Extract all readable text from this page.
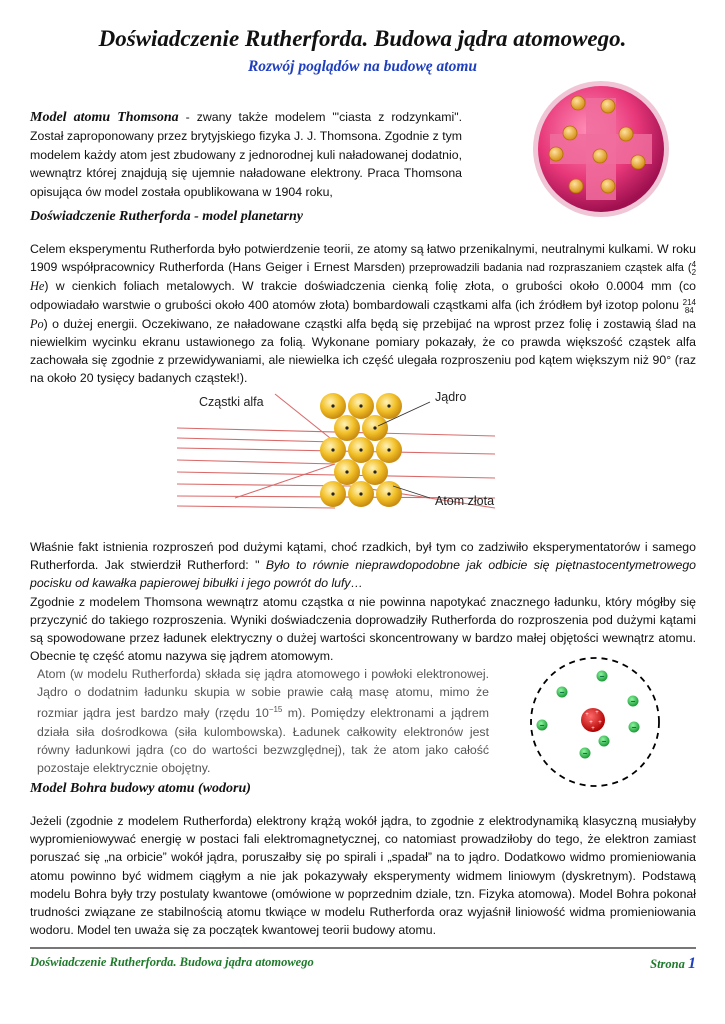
Doświadczenie Rutherforda. Budowa jądra atomowego.
Rozwój poglądów na budowę atomu

Model atomu Thomsona - zwany także modelem "'ciasta z rodzynkami". Został zaproponowany przez brytyjskiego fizyka J. J. Thomsona. Zgodnie z tym modelem każdy atom jest zbudowany z jednorodnej kuli naładowanej dodatnio, wewnątrz której znajdują się ujemnie naładowane elektrony. Praca Thomsona opisująca ów model została opublikowana w 1904 roku,

Doświadczenie Rutherforda - model planetarny

Celem eksperymentu Rutherforda było potwierdzenie teorii, ze atomy są łatwo przenikalnymi, neutralnymi kulkami. W roku 1909 współpracownicy Rutherforda (Hans Geiger i Ernest Marsden) przeprowadzili badania nad rozpraszaniem cząstek alfa ( 4
2
He) w cienkich foliach metalowych. W trakcie doświadczenia cienką folię złota, o grubości około 0.0004 mm (co odpowiadało warstwie o grubości około 400 atomów złota) bombardowali cząstkami alfa (ich źródłem był izotop polonu 214
84
Po) o dużej energii. Oczekiwano, ze naładowane cząstki alfa będą się przebijać na wprost przez folię i zostawią ślad na niewielkim wycinku ekranu ustawionego za folią. Wykonane pomiary pokazały, że co prawda większość cząstek alfa zachowała się zgodnie z przewidywaniami, ale niewielka ich część ulegała rozproszeniu pod kątem większym niż 90° (raz na około 20 tysięcy badanych cząstek!).

Cząstki alfa	Jądro
Atom złota

Właśnie fakt istnienia rozproszeń pod dużymi kątami, choć rzadkich, był tym co zadziwiło eksperymentatorów i samego Rutherforda. Jak stwierdził Rutherford: " Było to równie nieprawdopodobne jak odbicie się piętnastocentymetrowego pocisku od kawałka papierowej bibułki i jego powrót do lufy…
Zgodnie z modelem Thomsona wewnątrz atomu cząstka α nie powinna napotykać znacznego ładunku, który mógłby się przyczynić do takiego rozproszenia. Wyniki doświadczenia doprowadziły Rutherforda do rozproszenia pod dużymi kątami są spowodowane przez ładunek elektryczny o dużej wartości skoncentrowany w bardzo małej objętości wewnątrz atomu. Obecnie tę część atomu nazywa się jądrem atomowym.

Atom (w modelu Rutherforda) składa się jądra atomowego i powłoki elektronowej. Jądro o dodatnim ładunku skupia w sobie prawie całą masę atomu, mimo że rozmiar jądra jest bardzo mały (rzędu $10^{-15}$ m). Pomiędzy elektronami a jądrem działa siła dośrodkowa (siła kulombowska). Ładunek całkowity elektronów jest równy ładunkowi jądra (co do wartości bezwzględnej), tak że atom jako całość pozostaje elektrycznie obojętny.

+ +
+ +
+
−
−
−
−	−
−
−
Model Bohra budowy atomu (wodoru)

Jeżeli (zgodnie z modelem Rutherforda) elektrony krążą wokół jądra, to zgodnie z elektrodynamiką klasyczną musiałyby wypromieniowywać energię w postaci fali elektromagnetycznej, co natomiast prowadziłoby do tego, że elektron zamiast poruszać się „na orbicie” wokół jądra, poruszałby się po spirali i „spadał” na to jądro. Dodatkowo widmo promieniowania atomu powinno być widmem ciągłym a nie jak pokazywały eksperymenty widmem liniowym (dyskretnym). Podstawą modelu Bohra były trzy postulaty kwantowe (omówione w poprzednim dziale, tzn. Fizyka atomowa). Model Bohra pokonał trudności związane ze stabilnością atomu tkwiące w modelu Rutherforda oraz wyjaśnił liniowość widma promieniowania wodoru. Model ten uważa się za początek kwantowej teorii budowy atomu.

Doświadczenie Rutherforda. Budowa jądra atomowego	Strona 1
